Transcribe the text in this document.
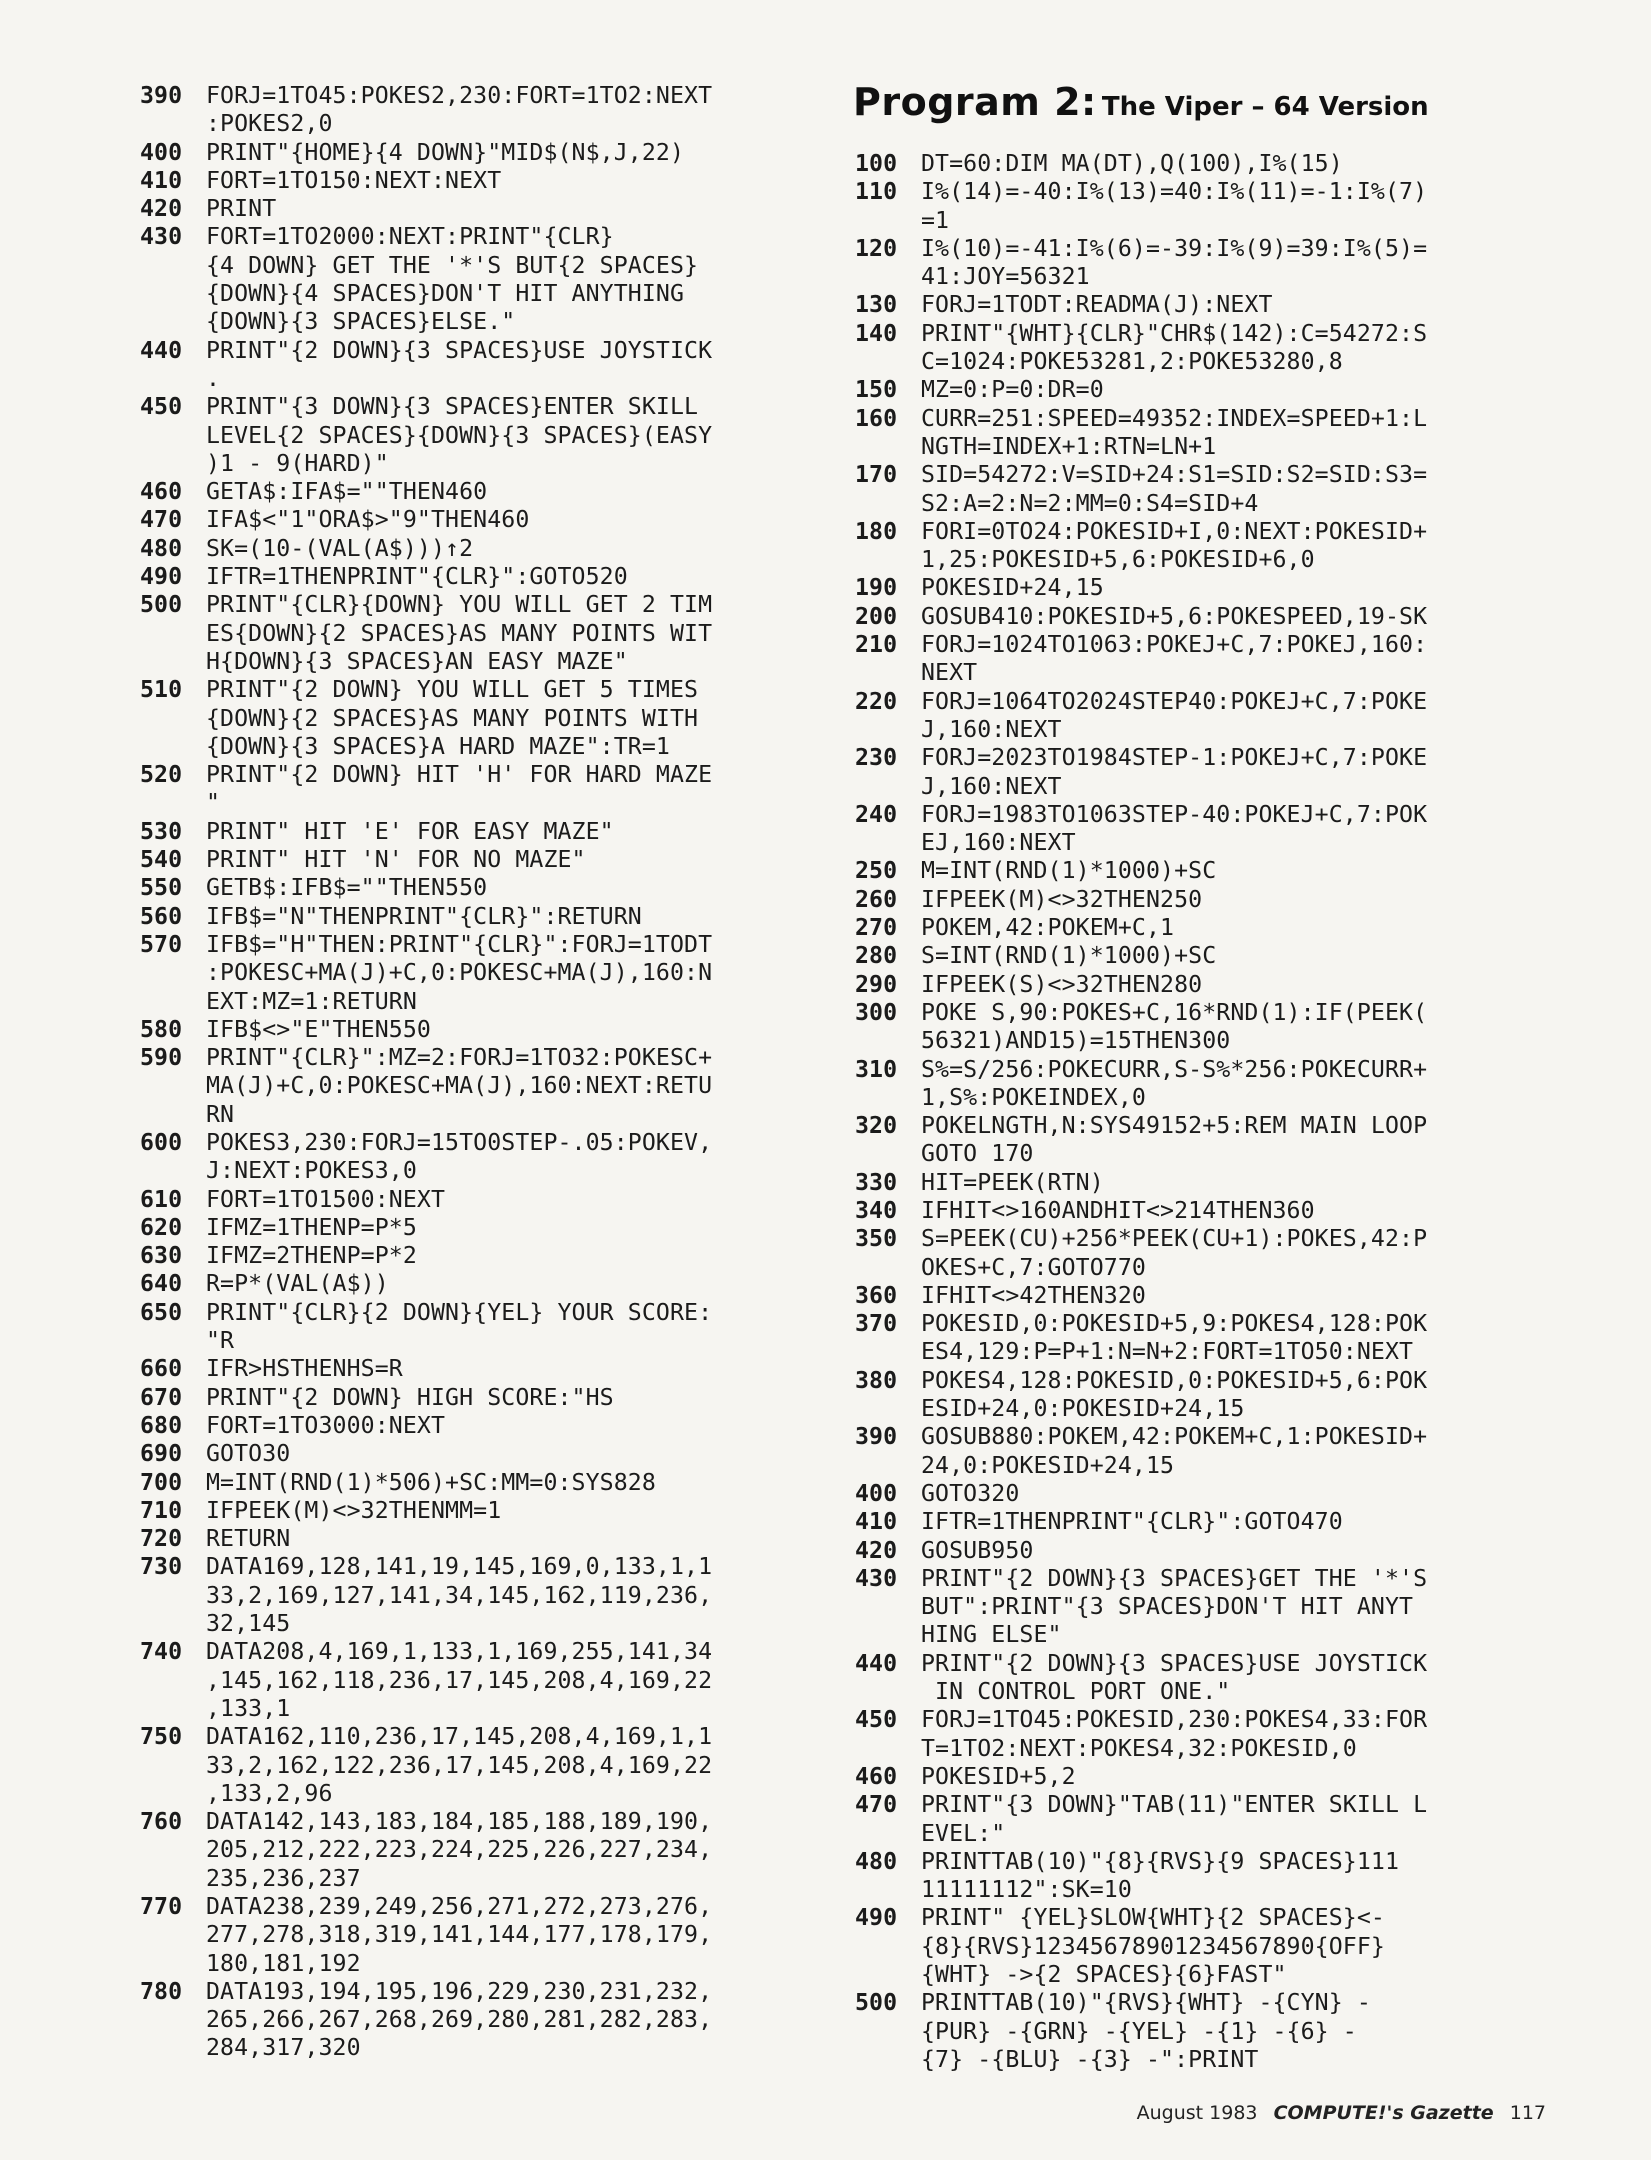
Program 2: The Viper – 64 Version
390	FORJ=1TO45:POKES2,230:FORT=1TO2:NEXT
:POKES2,0
400	PRINT"{HOME}{4 DOWN}"MID$(N$,J,22)
410	FORT=1TO150:NEXT:NEXT
420	PRINT
430	FORT=1TO2000:NEXT:PRINT"{CLR}
{4 DOWN} GET THE '*'S BUT{2 SPACES}
{DOWN}{4 SPACES}DON'T HIT ANYTHING
{DOWN}{3 SPACES}ELSE."
440	PRINT"{2 DOWN}{3 SPACES}USE JOYSTICK
.
450	PRINT"{3 DOWN}{3 SPACES}ENTER SKILL
LEVEL{2 SPACES}{DOWN}{3 SPACES}(EASY
)1 - 9(HARD)"
460	GETA$:IFA$=""THEN460
470	IFA$<"1"ORA$>"9"THEN460
480	SK=(10-(VAL(A$)))↑2
490	IFTR=1THENPRINT"{CLR}":GOTO520
500	PRINT"{CLR}{DOWN} YOU WILL GET 2 TIM
ES{DOWN}{2 SPACES}AS MANY POINTS WIT
H{DOWN}{3 SPACES}AN EASY MAZE"
510	PRINT"{2 DOWN} YOU WILL GET 5 TIMES
{DOWN}{2 SPACES}AS MANY POINTS WITH
{DOWN}{3 SPACES}A HARD MAZE":TR=1
520	PRINT"{2 DOWN} HIT 'H' FOR HARD MAZE
"
530	PRINT" HIT 'E' FOR EASY MAZE"
540	PRINT" HIT 'N' FOR NO MAZE"
550	GETB$:IFB$=""THEN550
560	IFB$="N"THENPRINT"{CLR}":RETURN
570	IFB$="H"THEN:PRINT"{CLR}":FORJ=1TODT
:POKESC+MA(J)+C,0:POKESC+MA(J),160:N
EXT:MZ=1:RETURN
580	IFB$<>"E"THEN550
590	PRINT"{CLR}":MZ=2:FORJ=1TO32:POKESC+
MA(J)+C,0:POKESC+MA(J),160:NEXT:RETU
RN
600	POKES3,230:FORJ=15TO0STEP-.05:POKEV,
J:NEXT:POKES3,0
610	FORT=1TO1500:NEXT
620	IFMZ=1THENP=P*5
630	IFMZ=2THENP=P*2
640	R=P*(VAL(A$))
650	PRINT"{CLR}{2 DOWN}{YEL} YOUR SCORE:
"R
660	IFR>HSTHENHS=R
670	PRINT"{2 DOWN} HIGH SCORE:"HS
680	FORT=1TO3000:NEXT
690	GOTO30
700	M=INT(RND(1)*506)+SC:MM=0:SYS828
710	IFPEEK(M)<>32THENMM=1
720	RETURN
730	DATA169,128,141,19,145,169,0,133,1,1
33,2,169,127,141,34,145,162,119,236,
32,145
740	DATA208,4,169,1,133,1,169,255,141,34
,145,162,118,236,17,145,208,4,169,22
,133,1
750	DATA162,110,236,17,145,208,4,169,1,1
33,2,162,122,236,17,145,208,4,169,22
,133,2,96
760	DATA142,143,183,184,185,188,189,190,
205,212,222,223,224,225,226,227,234,
235,236,237
770	DATA238,239,249,256,271,272,273,276,
277,278,318,319,141,144,177,178,179,
180,181,192
780	DATA193,194,195,196,229,230,231,232,
265,266,267,268,269,280,281,282,283,
284,317,320
100	DT=60:DIM MA(DT),Q(100),I%(15)
110	I%(14)=-40:I%(13)=40:I%(11)=-1:I%(7)
=1
120	I%(10)=-41:I%(6)=-39:I%(9)=39:I%(5)=
41:JOY=56321
130	FORJ=1TODT:READMA(J):NEXT
140	PRINT"{WHT}{CLR}"CHR$(142):C=54272:S
C=1024:POKE53281,2:POKE53280,8
150	MZ=0:P=0:DR=0
160	CURR=251:SPEED=49352:INDEX=SPEED+1:L
NGTH=INDEX+1:RTN=LN+1
170	SID=54272:V=SID+24:S1=SID:S2=SID:S3=
S2:A=2:N=2:MM=0:S4=SID+4
180	FORI=0TO24:POKESID+I,0:NEXT:POKESID+
1,25:POKESID+5,6:POKESID+6,0
190	POKESID+24,15
200	GOSUB410:POKESID+5,6:POKESPEED,19-SK
210	FORJ=1024TO1063:POKEJ+C,7:POKEJ,160:
NEXT
220	FORJ=1064TO2024STEP40:POKEJ+C,7:POKE
J,160:NEXT
230	FORJ=2023TO1984STEP-1:POKEJ+C,7:POKE
J,160:NEXT
240	FORJ=1983TO1063STEP-40:POKEJ+C,7:POK
EJ,160:NEXT
250	M=INT(RND(1)*1000)+SC
260	IFPEEK(M)<>32THEN250
270	POKEM,42:POKEM+C,1
280	S=INT(RND(1)*1000)+SC
290	IFPEEK(S)<>32THEN280
300	POKE S,90:POKES+C,16*RND(1):IF(PEEK(
56321)AND15)=15THEN300
310	S%=S/256:POKECURR,S-S%*256:POKECURR+
1,S%:POKEINDEX,0
320	POKELNGTH,N:SYS49152+5:REM MAIN LOOP
GOTO 170
330	HIT=PEEK(RTN)
340	IFHIT<>160ANDHIT<>214THEN360
350	S=PEEK(CU)+256*PEEK(CU+1):POKES,42:P
OKES+C,7:GOTO770
360	IFHIT<>42THEN320
370	POKESID,0:POKESID+5,9:POKES4,128:POK
ES4,129:P=P+1:N=N+2:FORT=1TO50:NEXT
380	POKES4,128:POKESID,0:POKESID+5,6:POK
ESID+24,0:POKESID+24,15
390	GOSUB880:POKEM,42:POKEM+C,1:POKESID+
24,0:POKESID+24,15
400	GOTO320
410	IFTR=1THENPRINT"{CLR}":GOTO470
420	GOSUB950
430	PRINT"{2 DOWN}{3 SPACES}GET THE '*'S
BUT":PRINT"{3 SPACES}DON'T HIT ANYT
HING ELSE"
440	PRINT"{2 DOWN}{3 SPACES}USE JOYSTICK
IN CONTROL PORT ONE."
450	FORJ=1TO45:POKESID,230:POKES4,33:FOR
T=1TO2:NEXT:POKES4,32:POKESID,0
460	POKESID+5,2
470	PRINT"{3 DOWN}"TAB(11)"ENTER SKILL L
EVEL:"
480	PRINTTAB(10)"{8}{RVS}{9 SPACES}111
11111112":SK=10
490	PRINT" {YEL}SLOW{WHT}{2 SPACES}<-
{8}{RVS}12345678901234567890{OFF}
{WHT} ->{2 SPACES}{6}FAST"
500	PRINTTAB(10)"{RVS}{WHT} -{CYN} -
{PUR} -{GRN} -{YEL} -{1} -{6} -
{7} -{BLU} -{3} -":PRINT
August 1983 COMPUTE!'s Gazette 117
